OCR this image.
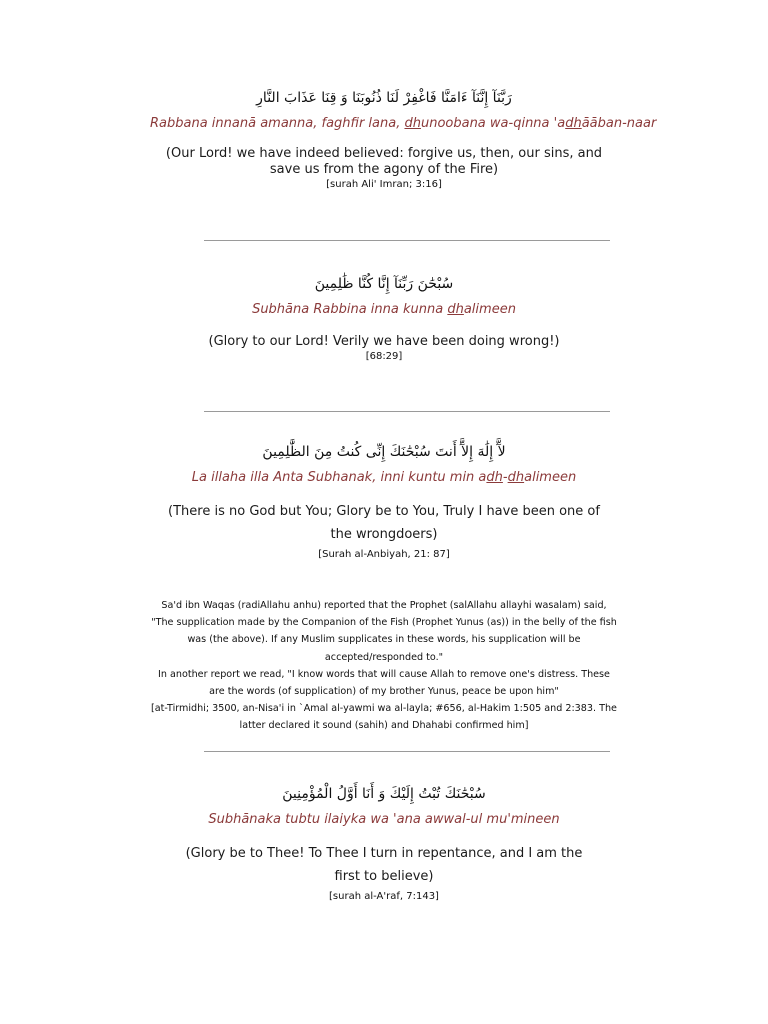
رَبَّنَآ إِنَّنَآ ءَامَنَّا فَاغْفِرْ لَنَا ذُنُوبَنَا وَ قِنَا عَذَابَ النَّارِ
Rabbana innanā amanna, faghfir lana, dhunoobana wa-qinna 'adhāāban-naar
(Our Lord! we have indeed believed: forgive us, then, our sins, and save us from the agony of the Fire)
[surah Ali' Imran; 3:16]
سُبْحَٰنَ رَبِّنَآ إِنَّا كُنَّا ظَٰلِمِينَ
Subhāna Rabbina inna kunna dhalimeen
(Glory to our Lord! Verily we have been doing wrong!)
[68:29]
لآَّ إِلَٰهَ إِلآَّ أَنتَ سُبْحَٰنَكَ إِنِّى كُنتُ مِنَ الظَّٰلِمِينَ
La illaha illa Anta Subhanak, inni kuntu min adh-dhalimeen
(There is no God but You; Glory be to You, Truly I have been one of the wrongdoers)
[Surah al-Anbiyah, 21: 87]
Sa'd ibn Waqas (radiAllahu anhu) reported that the Prophet (salAllahu allayhi wasalam) said, "The supplication made by the Companion of the Fish (Prophet Yunus (as)) in the belly of the fish was (the above). If any Muslim supplicates in these words, his supplication will be accepted/responded to."
In another report we read, "I know words that will cause Allah to remove one's distress. These are the words (of supplication) of my brother Yunus, peace be upon him"
[at-Tirmidhi; 3500, an-Nisa'i in `Amal al-yawmi wa al-layla; #656, al-Hakim 1:505 and 2:383. The latter declared it sound (sahih) and Dhahabi confirmed him]
سُبْحَٰنَكَ تُبْتُ إِلَيْكَ وَ أَنَا أَوَّلُ الْمُؤْمِنِينَ
Subhānaka tubtu ilaiyka wa 'ana awwal-ul mu'mineen
(Glory be to Thee! To Thee I turn in repentance, and I am the first to believe)
[surah al-A'raf, 7:143]
